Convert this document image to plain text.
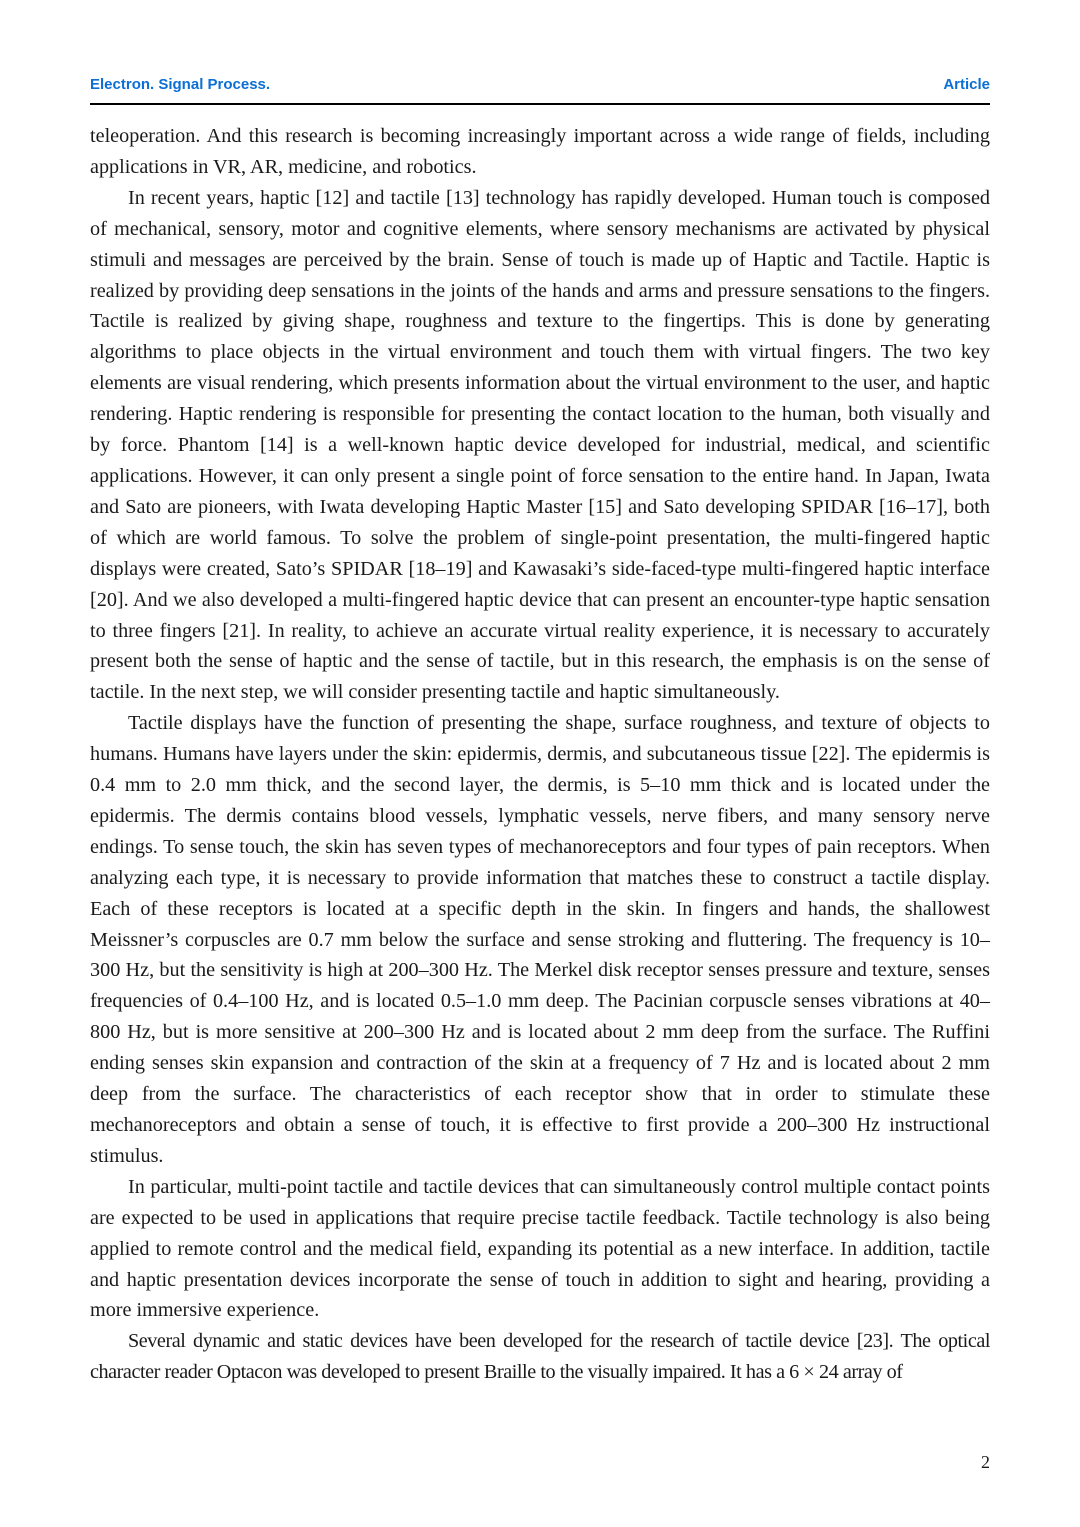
Electron. Signal Process.	Article

teleoperation. And this research is becoming increasingly important across a wide range of fields, including applications in VR, AR, medicine, and robotics.

In recent years, haptic [12] and tactile [13] technology has rapidly developed. Human touch is composed of mechanical, sensory, motor and cognitive elements, where sensory mechanisms are activated by physical stimuli and messages are perceived by the brain. Sense of touch is made up of Haptic and Tactile. Haptic is realized by providing deep sensations in the joints of the hands and arms and pressure sensations to the fingers. Tactile is realized by giving shape, roughness and texture to the fingertips. This is done by generating algorithms to place objects in the virtual environment and touch them with virtual fingers. The two key elements are visual rendering, which presents information about the virtual environment to the user, and haptic rendering. Haptic rendering is responsible for presenting the contact location to the human, both visually and by force. Phantom [14] is a well-known haptic device developed for industrial, medical, and scientific applications. However, it can only present a single point of force sensation to the entire hand. In Japan, Iwata and Sato are pioneers, with Iwata developing Haptic Master [15] and Sato developing SPIDAR [16–17], both of which are world famous. To solve the problem of single-point presentation, the multi-fingered haptic displays were created, Sato’s SPIDAR [18–19] and Kawasaki’s side-faced-type multi-fingered haptic interface [20]. And we also developed a multi-fingered haptic device that can present an encounter-type haptic sensation to three fingers [21]. In reality, to achieve an accurate virtual reality experience, it is necessary to accurately present both the sense of haptic and the sense of tactile, but in this research, the emphasis is on the sense of tactile. In the next step, we will consider presenting tactile and haptic simultaneously.

Tactile displays have the function of presenting the shape, surface roughness, and texture of objects to humans. Humans have layers under the skin: epidermis, dermis, and subcutaneous tissue [22]. The epidermis is 0.4 mm to 2.0 mm thick, and the second layer, the dermis, is 5–10 mm thick and is located under the epidermis. The dermis contains blood vessels, lymphatic vessels, nerve fibers, and many sensory nerve endings. To sense touch, the skin has seven types of mechanoreceptors and four types of pain receptors. When analyzing each type, it is necessary to provide information that matches these to construct a tactile display. Each of these receptors is located at a specific depth in the skin. In fingers and hands, the shallowest Meissner’s corpuscles are 0.7 mm below the surface and sense stroking and fluttering. The frequency is 10–300 Hz, but the sensitivity is high at 200–300 Hz. The Merkel disk receptor senses pressure and texture, senses frequencies of 0.4–100 Hz, and is located 0.5–1.0 mm deep. The Pacinian corpuscle senses vibrations at 40–800 Hz, but is more sensitive at 200–300 Hz and is located about 2 mm deep from the surface. The Ruffini ending senses skin expansion and contraction of the skin at a frequency of 7 Hz and is located about 2 mm deep from the surface. The characteristics of each receptor show that in order to stimulate these mechanoreceptors and obtain a sense of touch, it is effective to first provide a 200–300 Hz instructional stimulus.

In particular, multi-point tactile and tactile devices that can simultaneously control multiple contact points are expected to be used in applications that require precise tactile feedback. Tactile technology is also being applied to remote control and the medical field, expanding its potential as a new interface. In addition, tactile and haptic presentation devices incorporate the sense of touch in addition to sight and hearing, providing a more immersive experience.

Several dynamic and static devices have been developed for the research of tactile device [23]. The optical character reader Optacon was developed to present Braille to the visually impaired. It has a 6 × 24 array of

2
